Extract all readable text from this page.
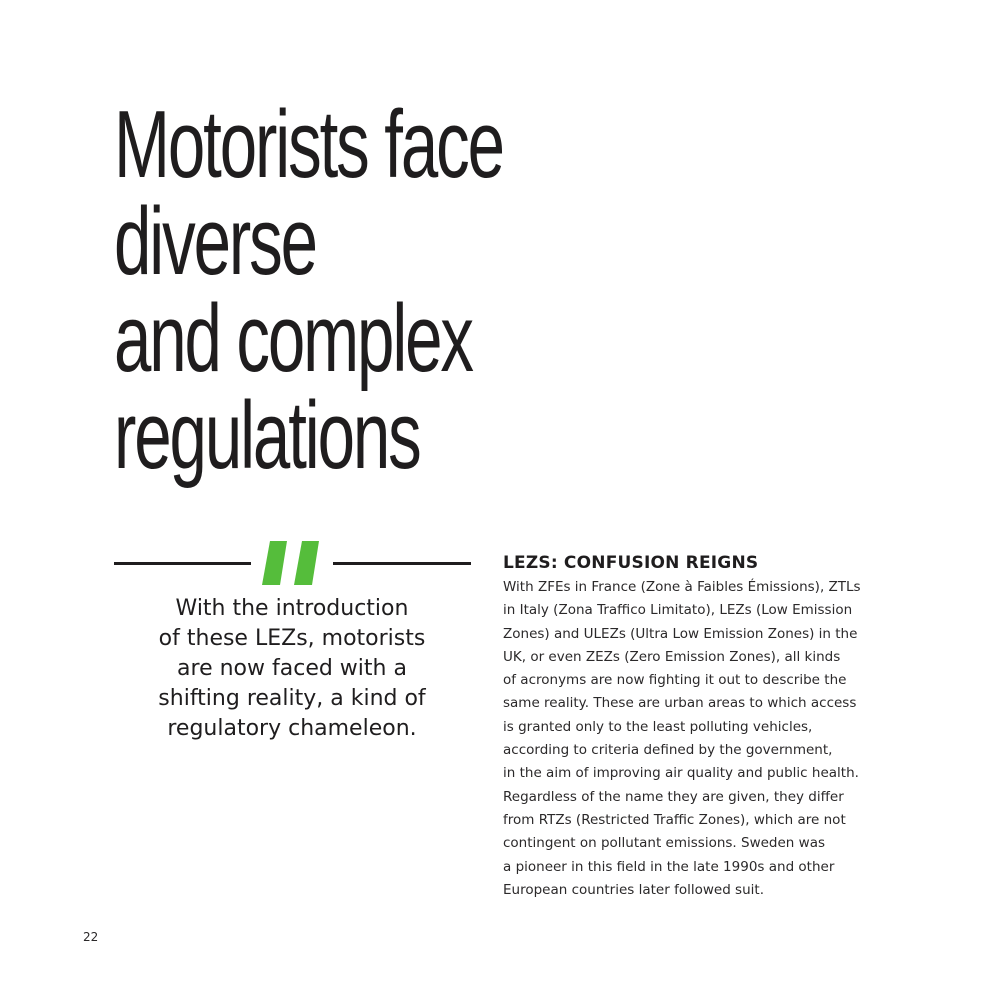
Motorists face
diverse
and complex
regulations

With the introduction
of these LEZs, motorists
are now faced with a
shifting reality, a kind of
regulatory chameleon.

LEZS: CONFUSION REIGNS

With ZFEs in France (Zone à Faibles Émissions), ZTLs
in Italy (Zona Traffico Limitato), LEZs (Low Emission
Zones) and ULEZs (Ultra Low Emission Zones) in the
UK, or even ZEZs (Zero Emission Zones), all kinds
of acronyms are now fighting it out to describe the
same reality. These are urban areas to which access
is granted only to the least polluting vehicles,
according to criteria defined by the government,
in the aim of improving air quality and public health.
Regardless of the name they are given, they differ
from RTZs (Restricted Traffic Zones), which are not
contingent on pollutant emissions. Sweden was
a pioneer in this field in the late 1990s and other
European countries later followed suit.

22
